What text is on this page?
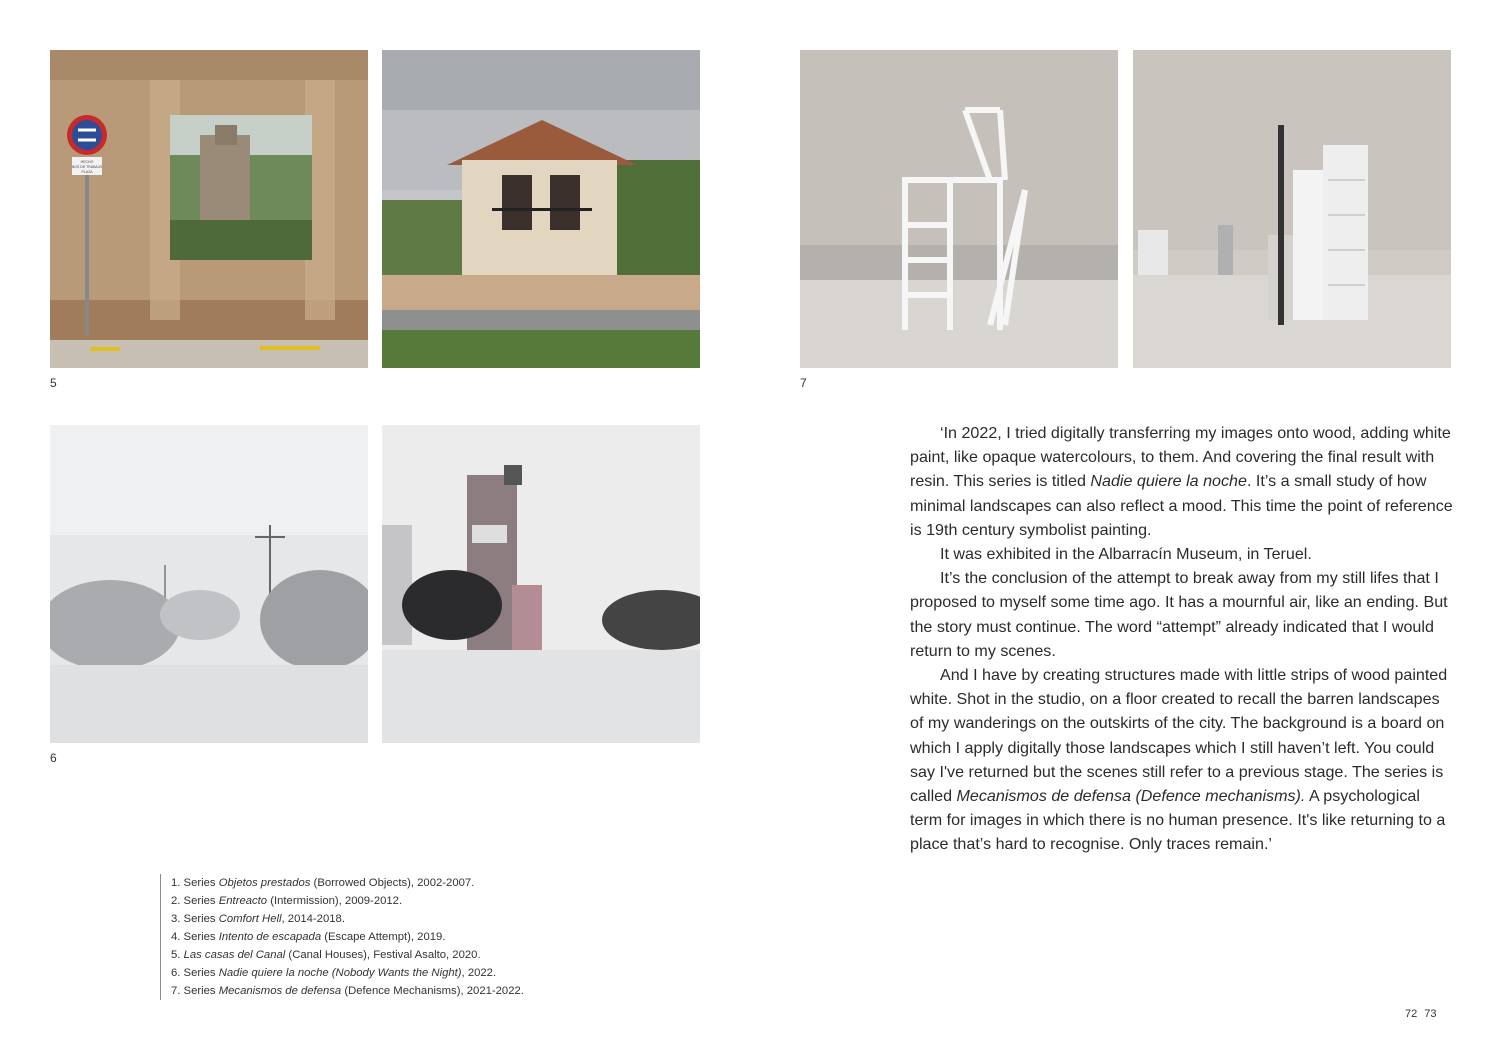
HECHO
NOS DE TRABAJO
PLAZA
5
6
7

‘In 2022, I tried digitally transferring my images onto wood, adding white paint, like opaque watercolours, to them. And covering the final result with resin. This series is titled Nadie quiere la noche. It’s a small study of how minimal landscapes can also reflect a mood. This time the point of reference is 19th century symbolist painting.

It was exhibited in the Albarracín Museum, in Teruel.

It’s the conclusion of the attempt to break away from my still lifes that I proposed to myself some time ago. It has a mournful air, like an ending. But the story must continue. The word “attempt” already indicated that I would return to my scenes.

And I have by creating structures made with little strips of wood painted white. Shot in the studio, on a floor created to recall the barren landscapes of my wanderings on the outskirts of the city. The background is a board on which I apply digitally those landscapes which I still haven’t left. You could say I've returned but the scenes still refer to a previous stage. The series is called Mecanismos de defensa (Defence mechanisms). A psychological term for images in which there is no human presence. It's like returning to a place that’s hard to recognise. Only traces remain.’

1. Series Objetos prestados (Borrowed Objects), 2002-2007.
2. Series Entreacto (Intermission), 2009-2012.
3. Series Comfort Hell, 2014-2018.
4. Series Intento de escapada (Escape Attempt), 2019.
5. Las casas del Canal (Canal Houses), Festival Asalto, 2020.
6. Series Nadie quiere la noche (Nobody Wants the Night), 2022.
7. Series Mecanismos de defensa (Defence Mechanisms), 2021-2022.
72 73
